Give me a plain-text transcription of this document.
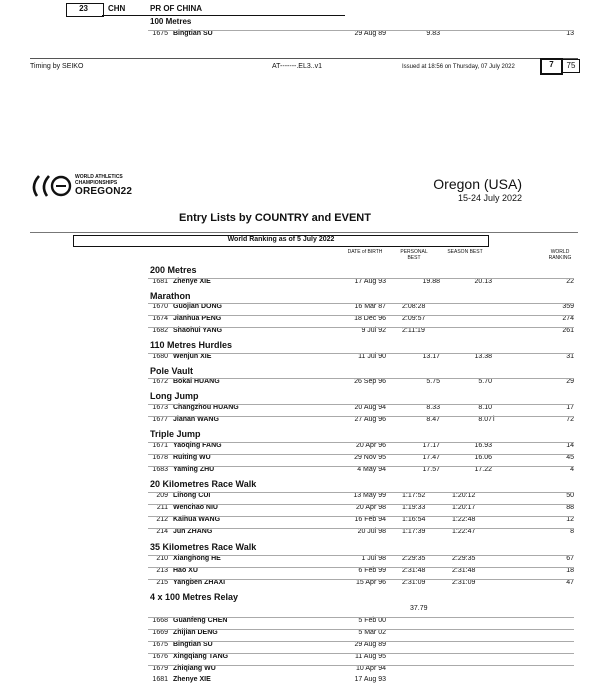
23	CHN	PR OF CHINA
100 Metres
1675 Bingtian SU	29 Aug 89	9.83	13
Timing by SEIKO	AT-------.EL3..v1	Issued at 18:56 on Thursday, 07 July 2022	7	75
WORLD ATHLETICS
CHAMPIONSHIPS
OREGON22	Oregon (USA)
15-24 July 2022
Entry Lists by COUNTRY and EVENT
World Ranking as of 5 July 2022
DATE of BIRTH	PERSONAL
BEST
SEASON BEST	WORLD
RANKING
200 Metres
1681 Zhenye XIE	17 Aug 93	19.88	20.13	22
Marathon
1670 Guojian DONG	16 Mar 87 2:08:28	359
1674 Jianhua PENG	18 Dec 96 2:09:57	274
1682 Shaohui YANG	9 Jul 92 2:11:19	261
110 Metres Hurdles
1680 Wenjun XIE	11 Jul 90	13.17	13.38	31
Pole Vault
1672 Bokai HUANG	26 Sep 96	5.75	5.70	29
Long Jump
1673 Changzhou HUANG	20 Aug 94	8.33	8.10	17
1677 Jianan WANG	27 Aug 96	8.47	8.07 i	72
Triple Jump
1671 Yaoqing FANG	20 Apr 96	17.17	16.93	14
1678 Ruiting WU	29 Nov 95	17.47	16.06	45
1683 Yaming ZHU	4 May 94	17.57	17.22	4
20 Kilometres Race Walk
209 Lihong CUI	13 May 99 1:17:52	1:20:12	50
211 Wenchao NIU	20 Apr 98 1:19:33	1:20:17	88
212 Kaihua WANG	16 Feb 94 1:16:54	1:22:48	12
214 Jun ZHANG	20 Jul 98 1:17:39	1:22:47	8
35 Kilometres Race Walk
210 Xianghong HE	1 Jul 98 2:29:35	2:29:35	67
213 Hao XU	6 Feb 99 2:31:48	2:31:48	18
215 Yangben ZHAXI	15 Apr 96 2:31:09	2:31:09	47
4 x 100 Metres Relay
37.79
1668 Guanfeng CHEN	5 Feb 00
1669 Zhijian DENG	5 Mar 02
1675 Bingtian SU	29 Aug 89
1676 Xingqiang TANG	11 Aug 95
1679 Zhiqiang WU	10 Apr 94
1681 Zhenye XIE	17 Aug 93
